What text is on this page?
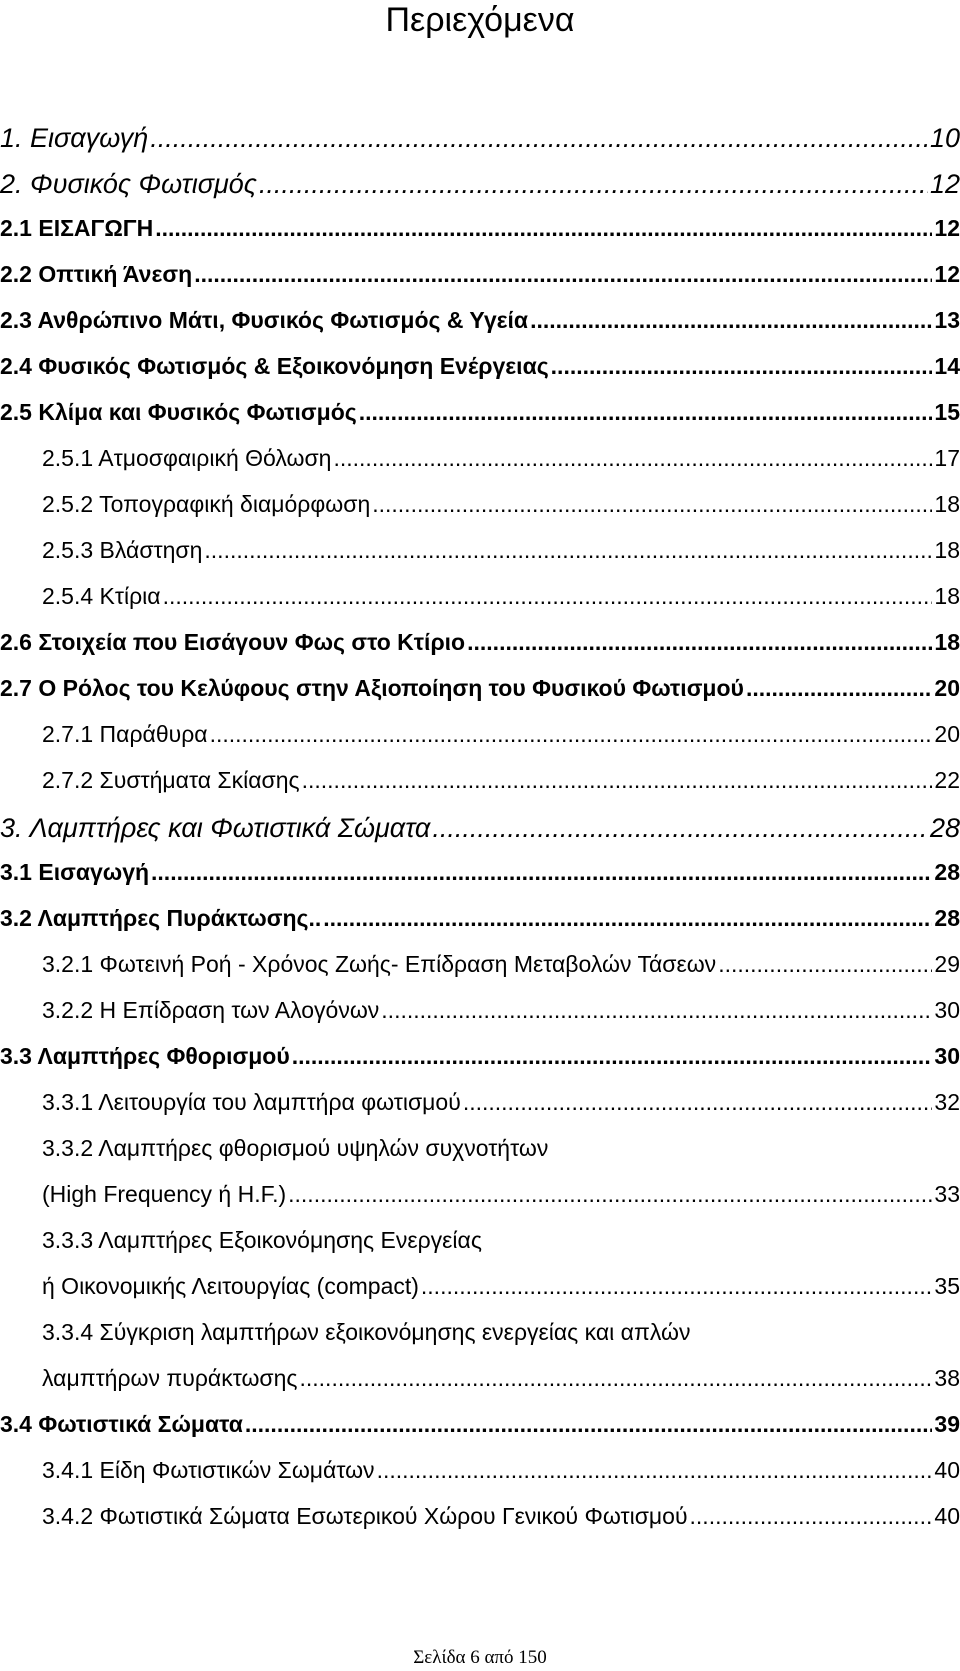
Περιεχόμενα
1. Εισαγωγή .....	10
2. Φυσικός Φωτισμός .....	12
2.1 ΕΙΣΑΓΩΓΗ .....	12
2.2 Οπτική Άνεση .....	12
2.3 Ανθρώπινο Μάτι, Φυσικός Φωτισμός & Υγεία .....	13
2.4 Φυσικός Φωτισμός & Εξοικονόμηση Ενέργειας .....	14
2.5 Κλίμα και Φυσικός Φωτισμός .....	15
2.5.1 Ατμοσφαιρική Θόλωση .....	17
2.5.2 Τοπογραφική διαμόρφωση .....	18
2.5.3 Βλάστηση .....	18
2.5.4 Κτίρια .....	18
2.6 Στοιχεία που Εισάγουν Φως στο Κτίριο .....	18
2.7 Ο Ρόλος του Κελύφους στην Αξιοποίηση του Φυσικού Φωτισμού .....	20
2.7.1 Παράθυρα .....	20
2.7.2 Συστήματα Σκίασης .....	22
3. Λαμπτήρες και Φωτιστικά Σώματα .....	28
3.1 Εισαγωγή .....	28
3.2 Λαμπτήρες Πυράκτωσης.. .....	28
3.2.1 Φωτεινή Ροή - Χρόνος Ζωής- Επίδραση Μεταβολών Τάσεων .....	29
3.2.2 Η Επίδραση των Αλογόνων .....	30
3.3 Λαμπτήρες Φθορισμού .....	30
3.3.1 Λειτουργία του λαμπτήρα φωτισμού .....	32
3.3.2 Λαμπτήρες φθορισμού υψηλών συχνοτήτων
(High Frequency ή H.F.) .....	33
3.3.3 Λαμπτήρες Εξοικονόμησης Ενεργείας
ή Οικονομικής Λειτουργίας (compact) .....	35
3.3.4 Σύγκριση λαμπτήρων εξοικονόμησης ενεργείας και απλών
λαμπτήρων πυράκτωσης .....	38
3.4 Φωτιστικά Σώματα .....	39
3.4.1 Είδη Φωτιστικών Σωμάτων .....	40
3.4.2 Φωτιστικά Σώματα Εσωτερικού Χώρου Γενικού Φωτισμού .....	40
Σελίδα 6 από 150
